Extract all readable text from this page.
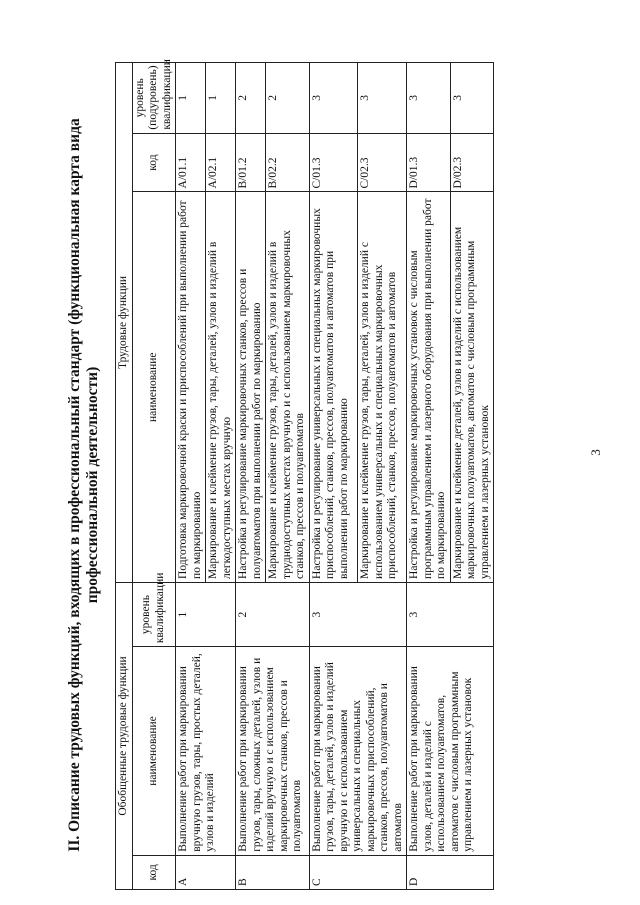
II. Описание трудовых функций, входящих в профессиональный стандарт (функциональная карта вида профессиональной деятельности)
Обобщенные трудовые функции			Трудовые функции		
код	наименование	уровень квалификации	наименование	код	уровень (подуровень) квалификации
A	Выполнение работ при маркировании вручную грузов, тары, простых деталей, узлов и изделий	1	Подготовка маркировочной краски и приспособлений при выполнении работ по маркированию	A/01.1	1
			Маркирование и клеймение грузов, тары, деталей, узлов и изделий в легкодоступных местах вручную	A/02.1	1
B	Выполнение работ при маркировании грузов, тары, сложных деталей, узлов и изделий вручную и с использованием маркировочных станков, прессов и полуавтоматов	2	Настройка и регулирование маркировочных станков, прессов и полуавтоматов при выполнении работ по маркированию	B/01.2	2
			Маркирование и клеймение грузов, тары, деталей, узлов и изделий в труднодоступных местах вручную и с использованием маркировочных станков, прессов и полуавтоматов	B/02.2	2
C	Выполнение работ при маркировании грузов, тары, деталей, узлов и изделий вручную и с использованием универсальных и специальных маркировочных приспособлений, станков, прессов, полуавтоматов и автоматов	3	Настройка и регулирование универсальных и специальных маркировочных приспособлений, станков, прессов, полуавтоматов и автоматов при выполнении работ по маркированию	C/01.3	3
			Маркирование и клеймение грузов, тары, деталей, узлов и изделий с использованием универсальных и специальных маркировочных приспособлений, станков, прессов, полуавтоматов и автоматов	C/02.3	3
D	Выполнение работ при маркировании узлов, деталей и изделий с использованием полуавтоматов, автоматов с числовым программным управлением и лазерных установок	3	Настройка и регулирование маркировочных установок с числовым программным управлением и лазерного оборудования при выполнении работ по маркированию	D/01.3	3
			Маркирование и клеймение деталей, узлов и изделий с использованием маркировочных полуавтоматов, автоматов с числовым программным управлением и лазерных установок	D/02.3	3
3
